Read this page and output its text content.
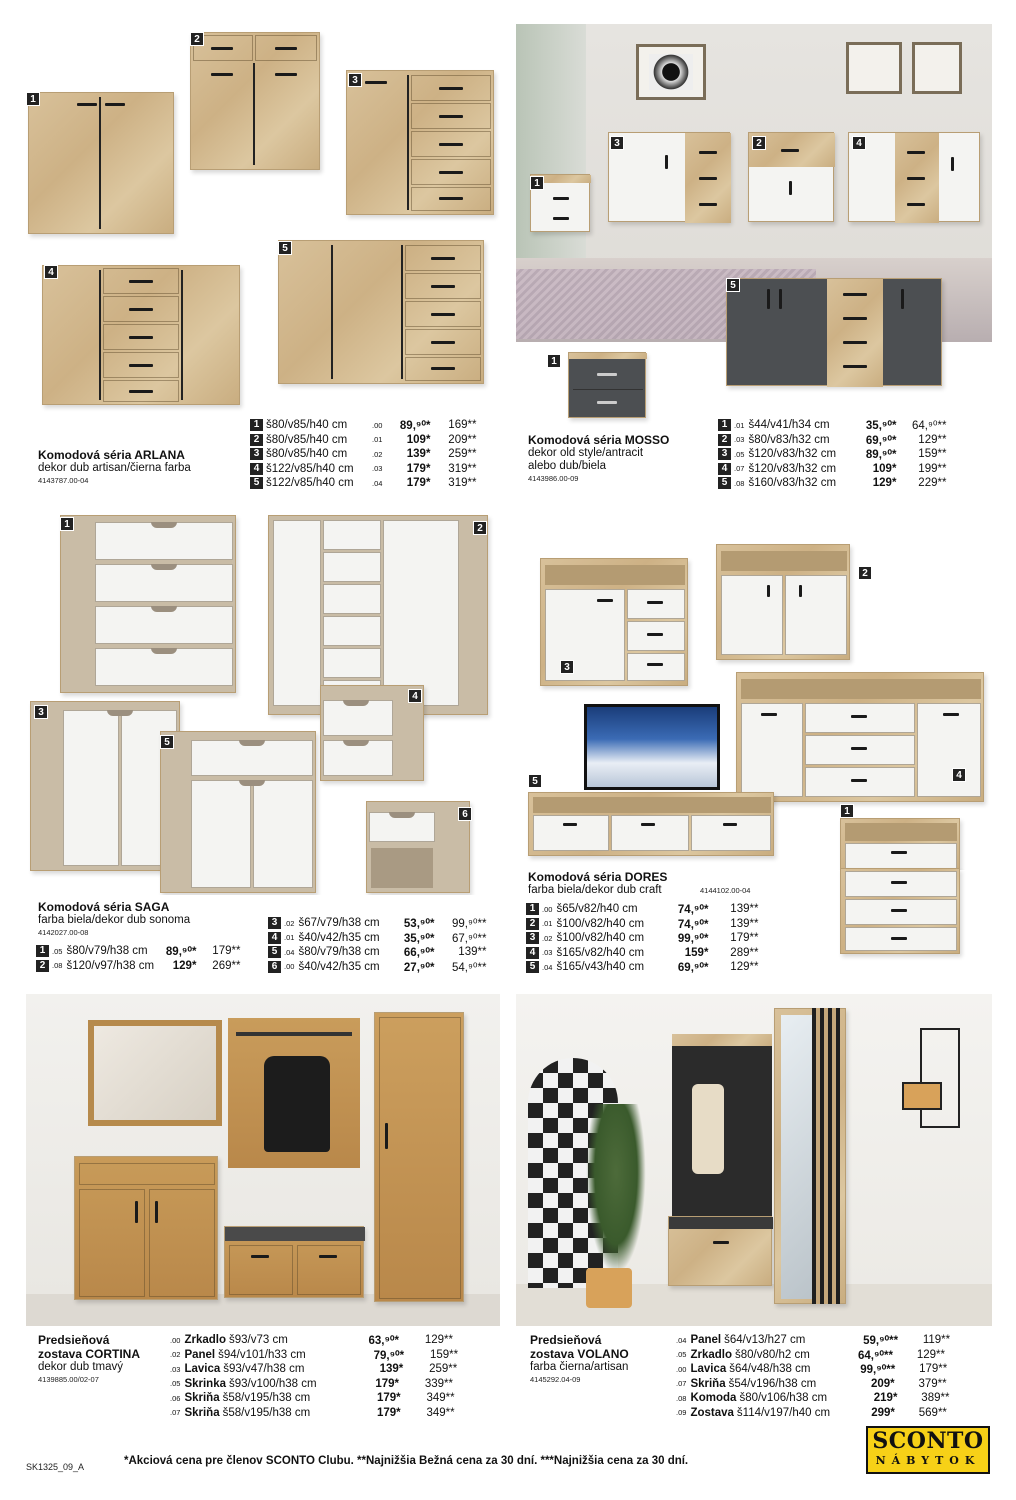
1
2
3
4
5
Komodová séria ARLANA
dekor dub artisan/čierna farba
4143787.00-04
1 š80/v85/h40 cm	.00	89,⁹⁰*	169**
2 š80/v85/h40 cm	.01	109*	209**
3 š80/v85/h40 cm	.02	139*	259**
4 š122/v85/h40 cm	.03	179*	319**
5 š122/v85/h40 cm	.04	179*	319**
3	2	4
1
1
5
Komodová séria MOSSO
dekor old style/antracit
alebo dub/biela
4143986.00-09
1 .01 š44/v41/h34 cm	35,⁹⁰*	64,⁹⁰**
2 .03 š80/v83/h32 cm	69,⁹⁰*	129**
3 .05 š120/v83/h32 cm	89,⁹⁰*	159**
4 .07 š120/v83/h32 cm	109*	199**
5 .08 š160/v83/h32 cm	129*	229**
1	2
3
4
5
6
Komodová séria SAGA
farba biela/dekor dub sonoma
4142027.00-08
1 .05 š80/v79/h38 cm	89,⁹⁰*	179**
2 .08 š120/v97/h38 cm	129*	269**
3 .02 š67/v79/h38 cm	53,⁹⁰*	99,⁹⁰**
4 .01 š40/v42/h35 cm	35,⁹⁰*	67,⁹⁰**
5 .04 š80/v79/h38 cm	66,⁹⁰*	139**
6 .00 š40/v42/h35 cm	27,⁹⁰*	54,⁹⁰**
3
2
4
5
1
Komodová séria DORES
farba biela/dekor dub craft	4144102.00-04
1 .00 š65/v82/h40 cm	74,⁹⁰*	139**
2 .01 š100/v82/h40 cm	74,⁹⁰*	139**
3 .02 š100/v82/h40 cm	99,⁹⁰*	179**
4 .03 š165/v82/h40 cm	159*	289**
5 .04 š165/v43/h40 cm	69,⁹⁰*	129**
Predsieňová
zostava CORTINA
dekor dub tmavý
4139885.00/02-07
.00 Zrkadlo š93/v73 cm	63,⁹⁰*	129**
.02 Panel š94/v101/h33 cm	79,⁹⁰*	159**
.03 Lavica š93/v47/h38 cm	139*	259**
.05 Skrinka š93/v100/h38 cm	179*	339**
.06 Skriňa š58/v195/h38 cm	179*	349**
.07 Skriňa š58/v195/h38 cm	179*	349**
Predsieňová
zostava VOLANO
farba čierna/artisan
4145292.04-09
.04 Panel š64/v13/h27 cm	59,⁹⁰**	119**
.05 Zrkadlo š80/v80/h2 cm	64,⁹⁰**	129**
.00 Lavica š64/v48/h38 cm	99,⁹⁰**	179**
.07 Skriňa š54/v196/h38 cm	209*	379**
.08 Komoda š80/v106/h38 cm	219*	389**
.09 Zostava š114/v197/h40 cm	299*	569**
SK1325_09_A	*Akciová cena pre členov SCONTO Clubu. **Najnižšia Bežná cena za 30 dní. ***Najnižšia cena za 30 dní.
SCONTO
NÁBYTOK
